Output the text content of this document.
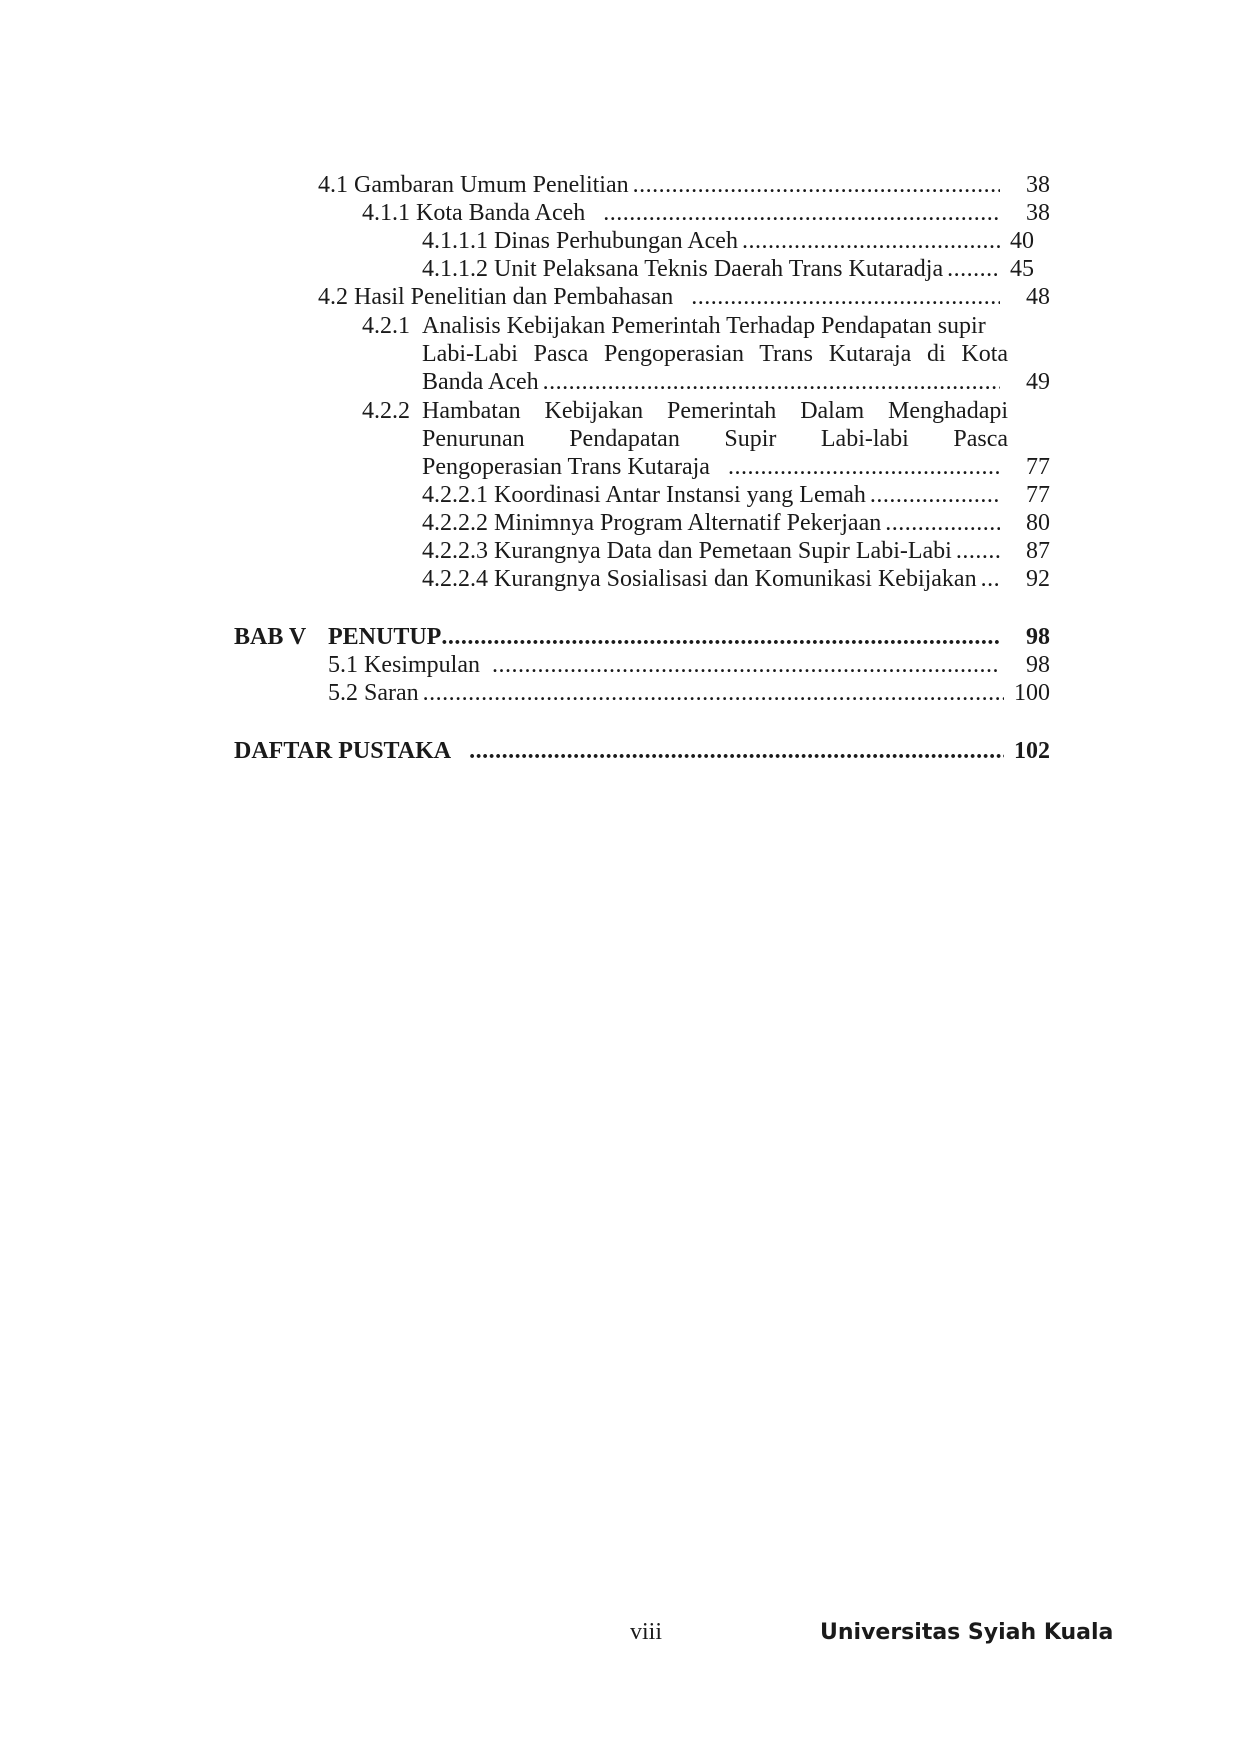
4.1 Gambaran Umum Penelitian .....	38
4.1.1 Kota Banda Aceh .....	38
4.1.1.1 Dinas Perhubungan Aceh .....	40
4.1.1.2 Unit Pelaksana Teknis Daerah Trans Kutaradja .....	45
4.2 Hasil Penelitian dan Pembahasan .....	48
4.2.1 Analisis Kebijakan Pemerintah Terhadap Pendapatan supir
Labi-Labi Pasca Pengoperasian Trans Kutaraja di Kota
Banda Aceh .....	49
4.2.2 Hambatan Kebijakan Pemerintah Dalam Menghadapi
Penurunan Pendapatan Supir Labi-labi Pasca
Pengoperasian Trans Kutaraja .....	77
4.2.2.1 Koordinasi Antar Instansi yang Lemah .....	77
4.2.2.2 Minimnya Program Alternatif Pekerjaan .....	80
4.2.2.3 Kurangnya Data dan Pemetaan Supir Labi-Labi .....	87
4.2.2.4 Kurangnya Sosialisasi dan Komunikasi Kebijakan .....	92
BAB V PENUTUP .....	98
5.1 Kesimpulan .....	98
5.2 Saran .....	100
DAFTAR PUSTAKA .....	102
viii	Universitas Syiah Kuala
